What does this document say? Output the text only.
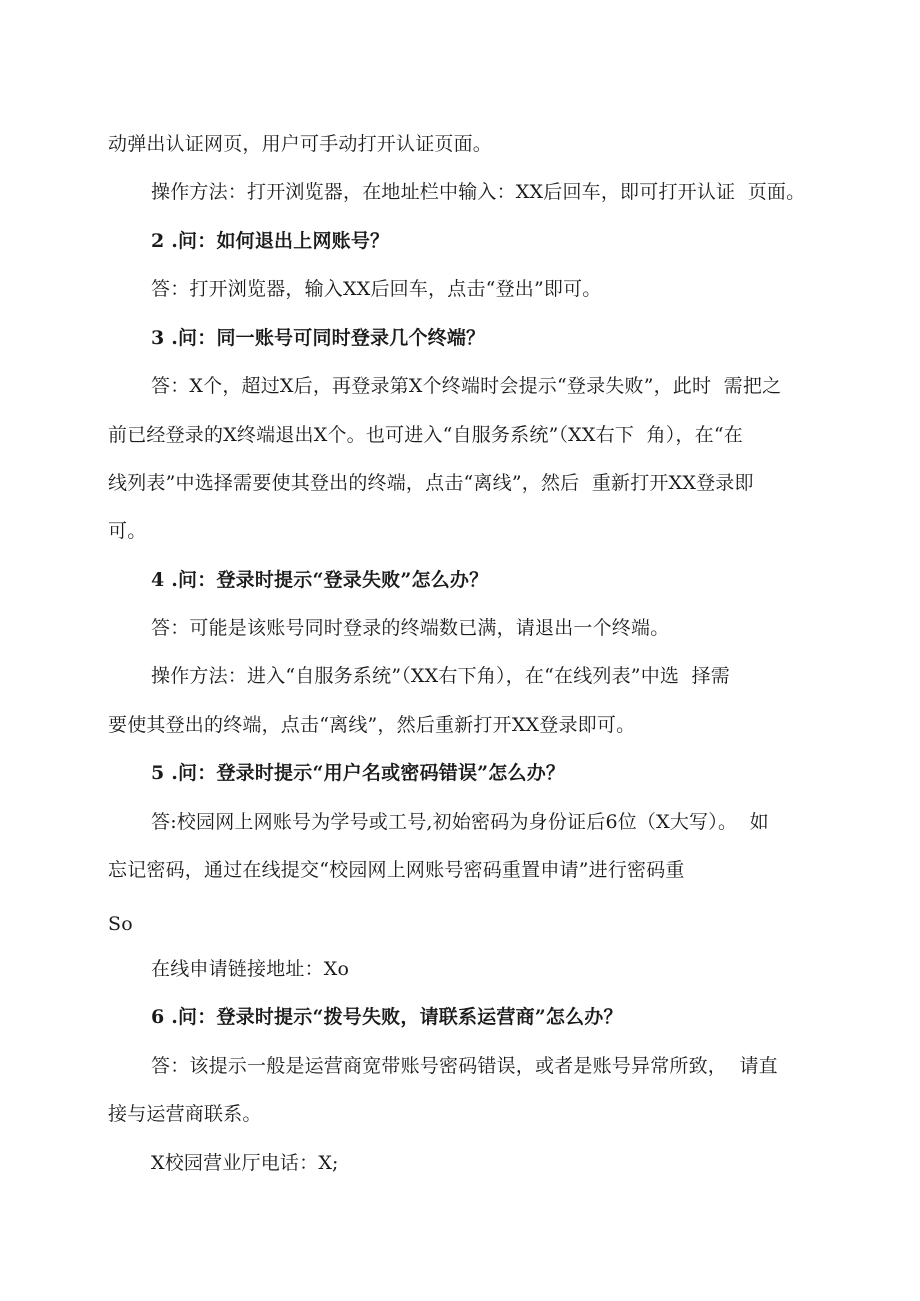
动弹出认证网页，用户可手动打开认证页面。
操作方法：打开浏览器，在地址栏中输入：XX后回车，即可打开认证  页面。
2 .问：如何退出上网账号？
答：打开浏览器，输入XX后回车，点击“登出”即可。
3 .问：同一账号可同时登录几个终端？
答：X个，超过X后，再登录第X个终端时会提示“登录失败”，此时  需把之
前已经登录的X终端退出X个。也可进入“自服务系统”（XX右下  角），在“在
线列表”中选择需要使其登出的终端，点击“离线”，然后  重新打开XX登录即
可。
4 .问：登录时提示“登录失败”怎么办？
答：可能是该账号同时登录的终端数已满，请退出一个终端。
操作方法：进入“自服务系统”（XX右下角），在“在线列表”中选  择需
要使其登出的终端，点击“离线”，然后重新打开XX登录即可。
5 .问：登录时提示“用户名或密码错误”怎么办？
答:校园网上网账号为学号或工号,初始密码为身份证后6位（X大写）。  如
忘记密码，通过在线提交“校园网上网账号密码重置申请”进行密码重
So
在线申请链接地址：Xo
6 .问：登录时提示“拨号失败，请联系运营商”怎么办？
答：该提示一般是运营商宽带账号密码错误，或者是账号异常所致，  请直
接与运营商联系。
X校园营业厅电话：X;
